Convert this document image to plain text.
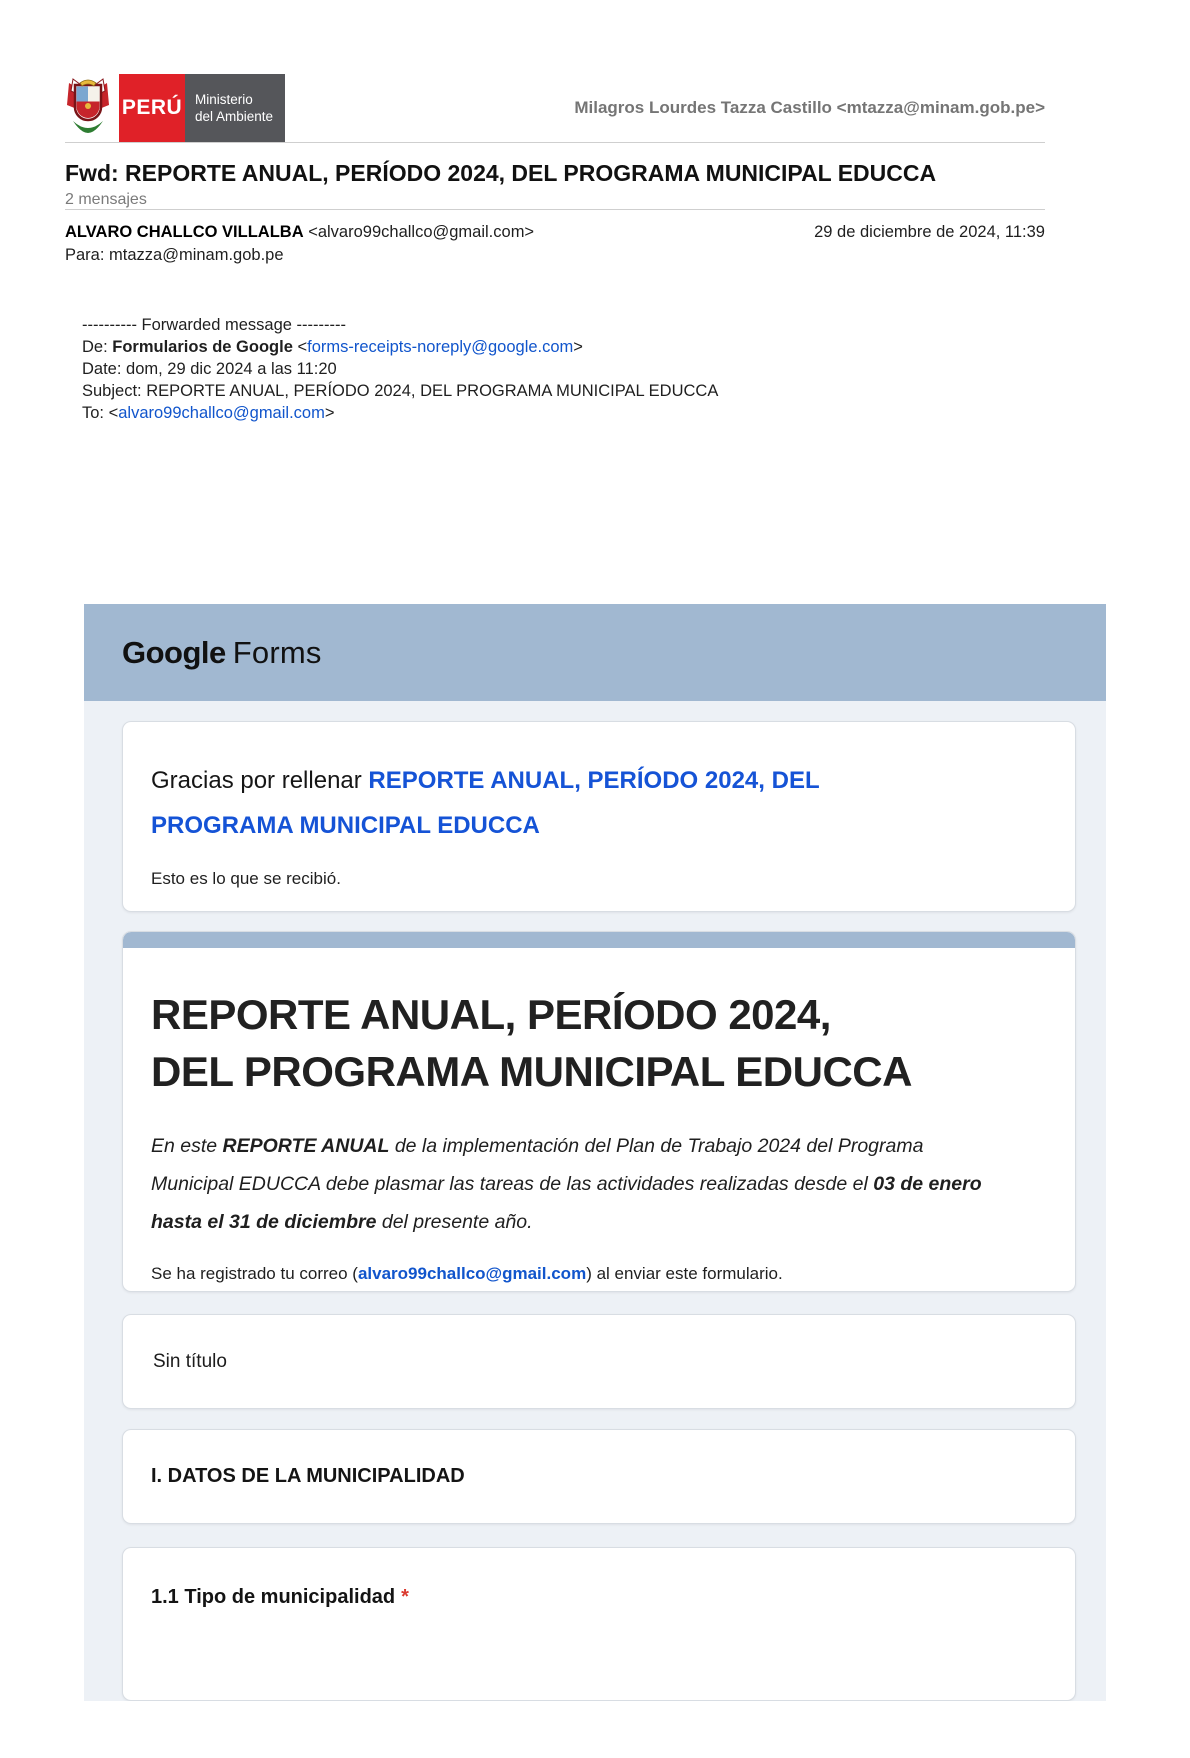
PERÚ Ministerio
del Ambiente	Milagros Lourdes Tazza Castillo <mtazza@minam.gob.pe>
Fwd: REPORTE ANUAL, PERÍODO 2024, DEL PROGRAMA MUNICIPAL EDUCCA
2 mensajes
ALVARO CHALLCO VILLALBA <alvaro99challco@gmail.com>	29 de diciembre de 2024, 11:39
Para: mtazza@minam.gob.pe

---------- Forwarded message ---------

De: Formularios de Google <forms-receipts-noreply@google.com>

Date: dom, 29 dic 2024 a las 11:20

Subject: REPORTE ANUAL, PERÍODO 2024, DEL PROGRAMA MUNICIPAL EDUCCA

To: <alvaro99challco@gmail.com>

Google Forms
Gracias por rellenar REPORTE ANUAL, PERÍODO 2024, DEL PROGRAMA MUNICIPAL EDUCCA
Esto es lo que se recibió.
REPORTE ANUAL, PERÍODO 2024,
DEL PROGRAMA MUNICIPAL EDUCCA
En este REPORTE ANUAL de la implementación del Plan de Trabajo 2024 del Programa Municipal EDUCCA debe plasmar las tareas de las actividades realizadas desde el 03 de enero hasta el 31 de diciembre del presente año.
Se ha registrado tu correo (alvaro99challco@gmail.com) al enviar este formulario.
Sin título
I. DATOS DE LA MUNICIPALIDAD
1.1 Tipo de municipalidad *
